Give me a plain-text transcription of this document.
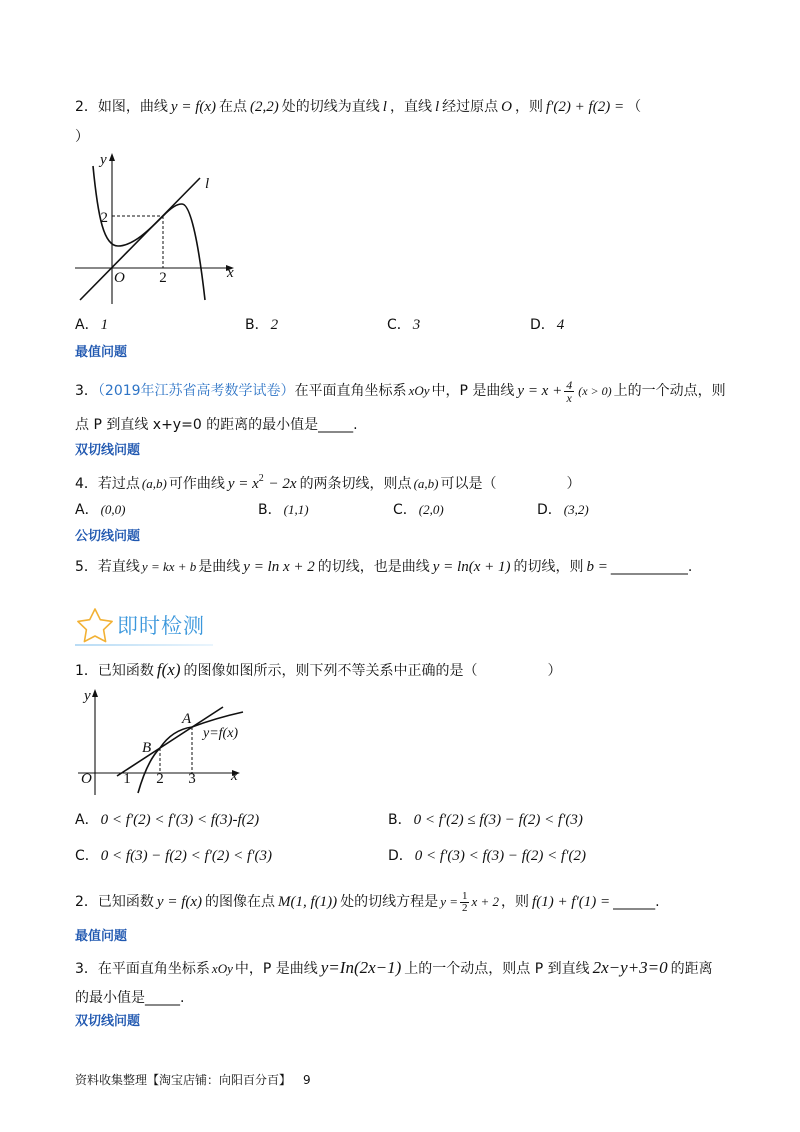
2．如图，曲线 y = f(x) 在点 (2,2) 处的切线为直线 l ，直线 l 经过原点 O ，则 f′(2) + f(2) = （
）
y
l
2
O 2	x
A． 1	B． 2	C． 3	D． 4
最值问题
3．（2019年江苏省高考数学试卷）在平面直角坐标系 xOy 中，P 是曲线 $y = x + \frac{4}{x} (x > 0)$ 上的一个动点，则
点 P 到直线 x+y=0 的距离的最小值是_____.
双切线问题
4．若过点 (a,b) 可作曲线 $y = x^2 - 2x$ 的两条切线，则点 (a,b) 可以是（　　　　　）
A． (0,0)	B． (1,1)	C． (2,0)	D． (3,2)
公切线问题
5．若直线 y = kx + b 是曲线 y = ln x + 2 的切线，也是曲线 y = ln(x + 1) 的切线，则 b = ___________.
即时检测
1．已知函数 f(x) 的图像如图所示，则下列不等关系中正确的是（　　　　　）
y
A
y=f(x)
B
O 1 2 3 x
A． 0 < f′(2) < f′(3) < f(3)-f(2)	B． 0 < f′(2) ≤ f(3) − f(2) < f′(3)
C． 0 < f(3) − f(2) < f′(2) < f′(3)	D． 0 < f′(3) < f(3) − f(2) < f′(2)
2．已知函数 y = f(x) 的图像在点 M(1, f(1)) 处的切线方程是 $y = \frac{1}{2}$ x + 2 ，则 f(1) + f′(1) = ______.
最值问题
3．在平面直角坐标系 xOy 中，P 是曲线 y=In(2x−1) 上的一个动点，则点 P 到直线 2x−y+3=0 的距离
的最小值是_____.
双切线问题
资料收集整理【淘宝店铺：向阳百分百】 9
